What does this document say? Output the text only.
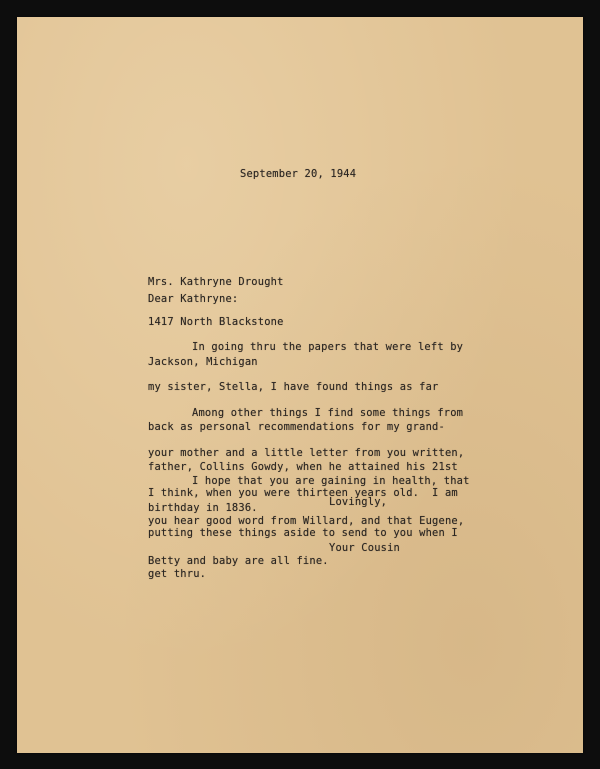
September 20, 1944

Mrs. Kathryne Drought

1417 North Blackstone

Jackson, Michigan

Dear Kathryne:

In going thru the papers that were left by

my sister, Stella, I have found things as far

back as personal recommendations for my grand-

father, Collins Gowdy, when he attained his 21st

birthday in 1836.

Among other things I find some things from

your mother and a little letter from you written,

I think, when you were thirteen years old.  I am

putting these things aside to send to you when I

get thru.

I hope that you are gaining in health, that

you hear good word from Willard, and that Eugene,

Betty and baby are all fine.

Lovingly,
Your Cousin
